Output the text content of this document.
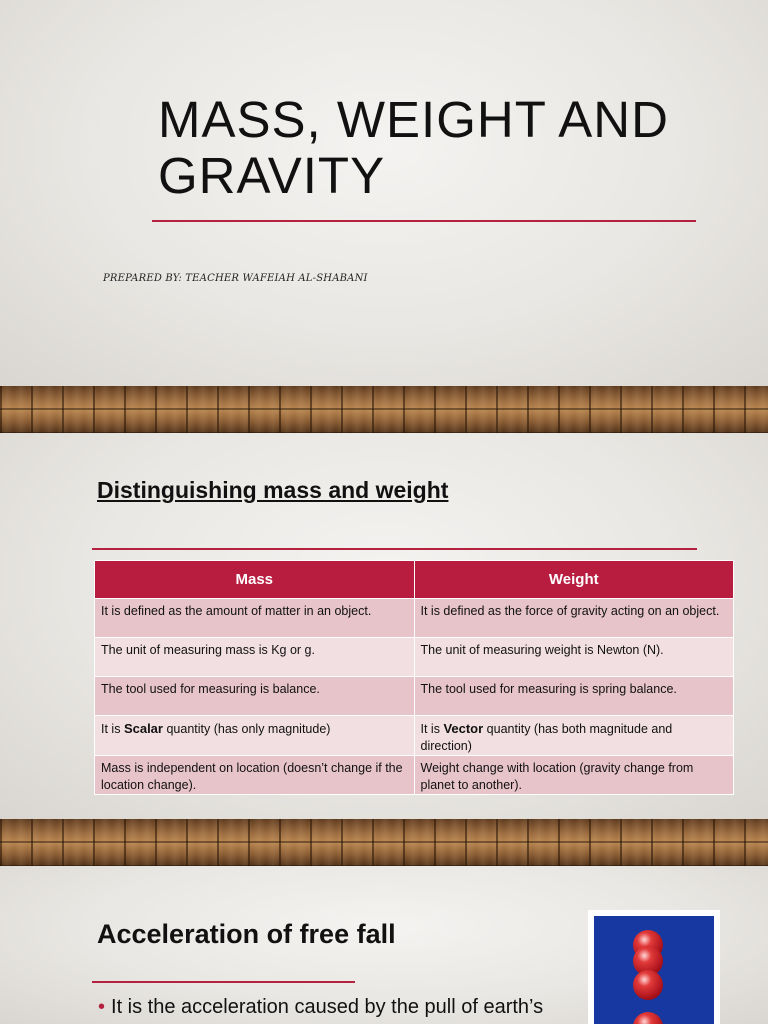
MASS, WEIGHT AND GRAVITY
PREPARED BY: TEACHER WAFEIAH AL-SHABANI
Distinguishing mass and weight
Mass	Weight
It is defined as the amount of matter in an object.	It is defined as the force of gravity acting on an object.
The unit of measuring mass is Kg or g.	The unit of measuring weight is Newton (N).
The tool used for measuring is balance.	The tool used for measuring is spring balance.
It is Scalar quantity (has only magnitude)	It is Vector quantity (has both magnitude and direction)
Mass is independent on location (doesn’t change if the location change).	Weight change with location (gravity change from planet to another).
Acceleration of free fall
• It is the acceleration caused by the pull of earth’s
